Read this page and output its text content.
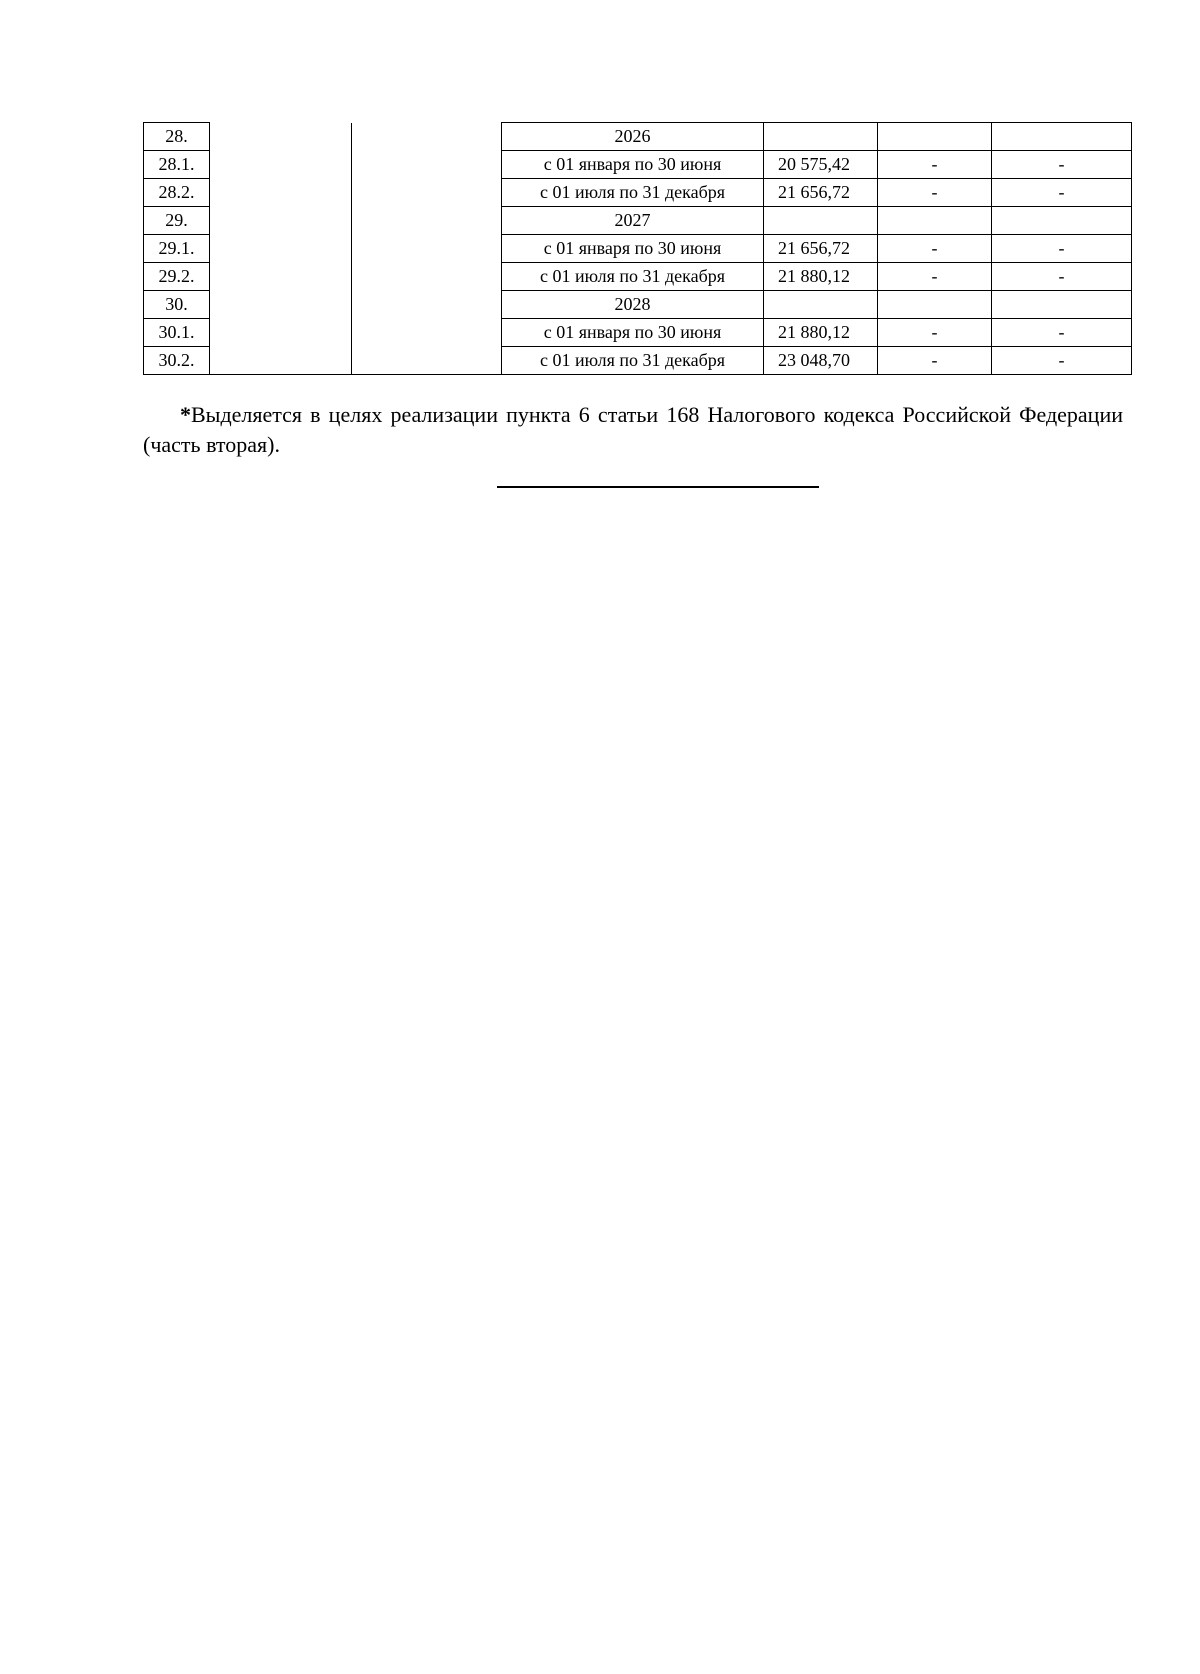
28.			2026			
28.1.			с 01 января по 30 июня	20 575,42	-	-
28.2.			с 01 июля по 31 декабря	21 656,72	-	-
29.			2027			
29.1.			с 01 января по 30 июня	21 656,72	-	-
29.2.			с 01 июля по 31 декабря	21 880,12	-	-
30.			2028			
30.1.			с 01 января по 30 июня	21 880,12	-	-
30.2.			с 01 июля по 31 декабря	23 048,70	-	-

*Выделяется в целях реализации пункта 6 статьи 168 Налогового кодекса Российской Федерации (часть вторая).
